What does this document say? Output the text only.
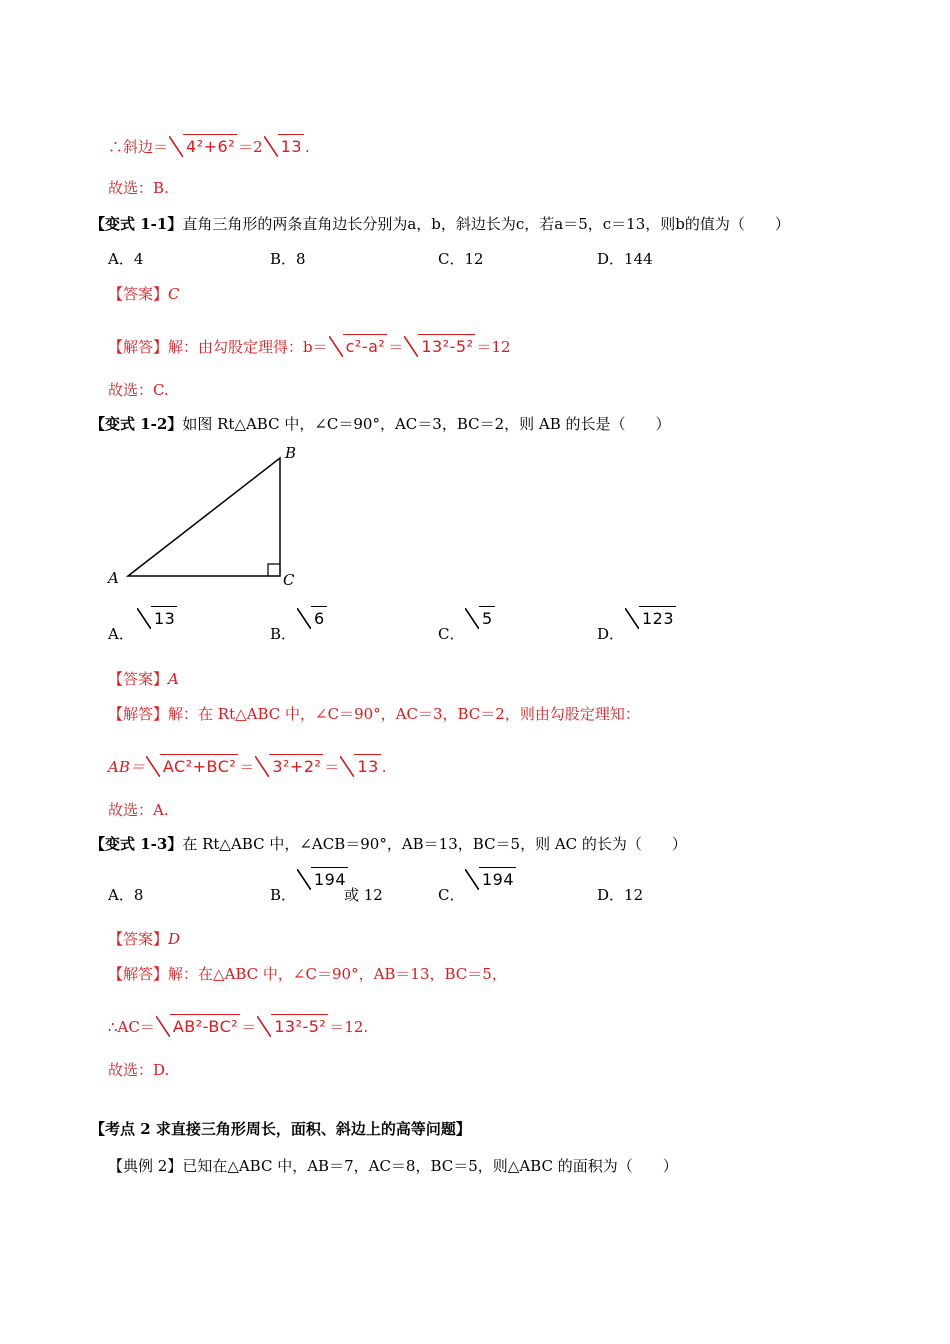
∴斜边＝ 4²+6² ＝2 13 .
故选：B.
【变式 1-1】直角三角形的两条直角边长分别为a，b，斜边长为c，若a＝5，c＝13，则b的值为（　　）
A．4	B．8	C．12	D．144
【答案】C
【解答】解：由勾股定理得：b＝ c²-a² ＝ 13²-5² ＝12
故选：C.
【变式 1-2】如图 Rt△ABC 中，∠C＝90°，AC＝3，BC＝2，则 AB 的长是（　　）
A
B
C
A．
13
B．
6
C．
5
D．
123
【答案】A
【解答】解：在 Rt△ABC 中，∠C＝90°，AC＝3，BC＝2，则由勾股定理知：
AB＝ AC²+BC² ＝ 3²+2² ＝ 13 .
故选：A.
【变式 1-3】在 Rt△ABC 中，∠ACB＝90°，AB＝13，BC＝5，则 AC 的长为（　　）
A．8	B．
194
或 12	C．
194
D．12
【答案】D
【解答】解：在△ABC 中，∠C＝90°，AB＝13，BC＝5，
∴AC＝ AB²-BC² ＝ 13²-5² ＝12.
故选：D.
【考点 2 求直接三角形周长，面积、斜边上的高等问题】
【典例 2】已知在△ABC 中，AB＝7，AC＝8，BC＝5，则△ABC 的面积为（　　）
